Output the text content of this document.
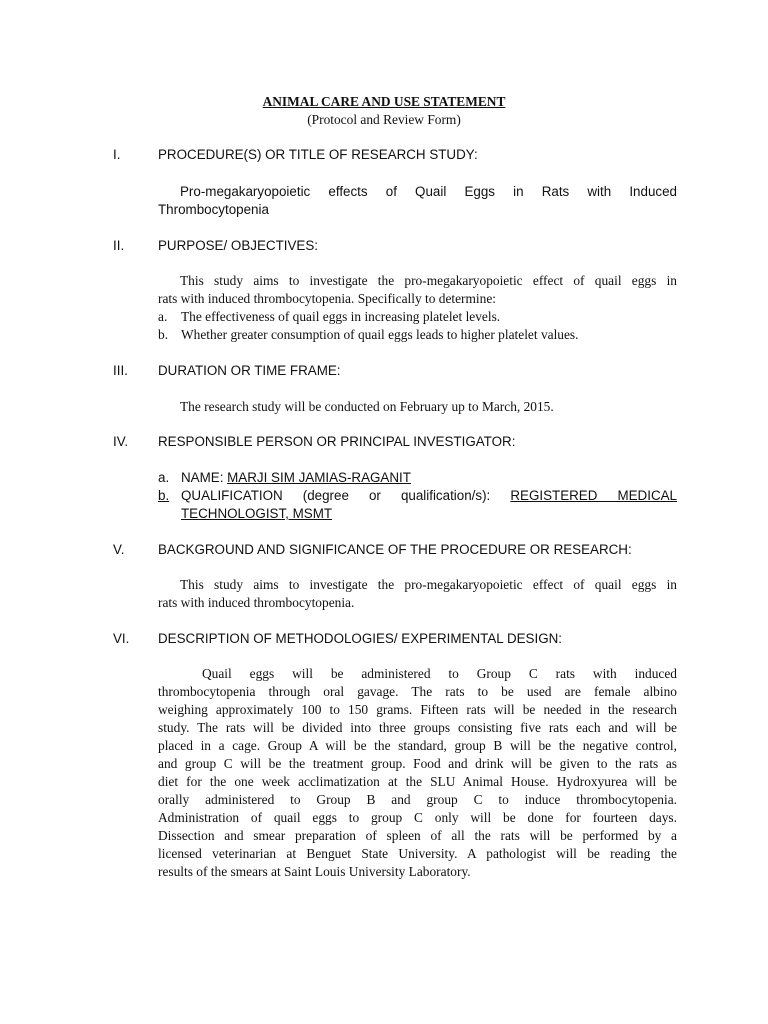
ANIMAL CARE AND USE STATEMENT
(Protocol and Review Form)
I.	PROCEDURE(S) OR TITLE OF RESEARCH STUDY:
Pro-megakaryopoietic effects of Quail Eggs in Rats with Induced
Thrombocytopenia
II.	PURPOSE/ OBJECTIVES:
This study aims to investigate the pro-megakaryopoietic effect of quail eggs in
rats with induced thrombocytopenia. Specifically to determine:
a. The effectiveness of quail eggs in increasing platelet levels.
b. Whether greater consumption of quail eggs leads to higher platelet values.
III. DURATION OR TIME FRAME:
The research study will be conducted on February up to March, 2015.
IV. RESPONSIBLE PERSON OR PRINCIPAL INVESTIGATOR:
a. NAME: MARJI SIM JAMIAS-RAGANIT
b. QUALIFICATION (degree or qualification/s): REGISTERED MEDICAL
TECHNOLOGIST, MSMT
V.	BACKGROUND AND SIGNIFICANCE OF THE PROCEDURE OR RESEARCH:
This study aims to investigate the pro-megakaryopoietic effect of quail eggs in
rats with induced thrombocytopenia.
VI. DESCRIPTION OF METHODOLOGIES/ EXPERIMENTAL DESIGN:
Quail eggs will be administered to Group C rats with induced
thrombocytopenia through oral gavage. The rats to be used are female albino
weighing approximately 100 to 150 grams. Fifteen rats will be needed in the research
study. The rats will be divided into three groups consisting five rats each and will be
placed in a cage. Group A will be the standard, group B will be the negative control,
and group C will be the treatment group. Food and drink will be given to the rats as
diet for the one week acclimatization at the SLU Animal House. Hydroxyurea will be
orally administered to Group B and group C to induce thrombocytopenia.
Administration of quail eggs to group C only will be done for fourteen days.
Dissection and smear preparation of spleen of all the rats will be performed by a
licensed veterinarian at Benguet State University. A pathologist will be reading the
results of the smears at Saint Louis University Laboratory.
